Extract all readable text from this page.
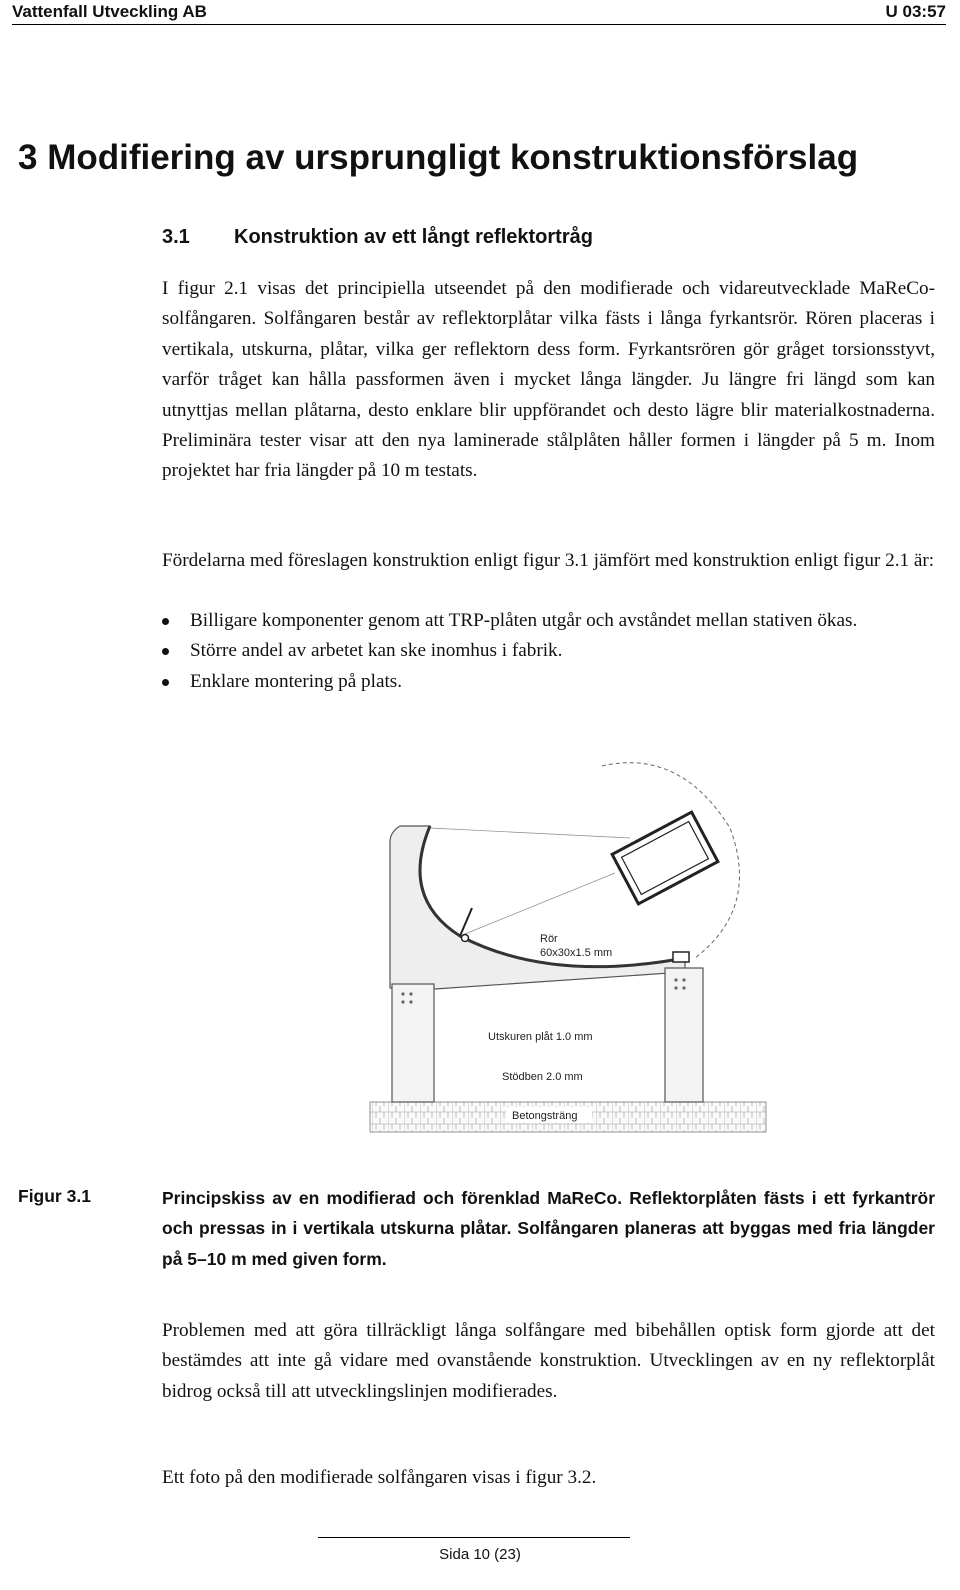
Vattenfall Utveckling AB	U 03:57
3 Modifiering av ursprungligt konstruktionsförslag
3.1 Konstruktion av ett långt reflektortråg
I figur 2.1 visas det principiella utseendet på den modifierade och vidareutvecklade MaReCo-solfångaren. Solfångaren består av reflektorplåtar vilka fästs i långa fyrkantsrör. Rören placeras i vertikala, utskurna, plåtar, vilka ger reflektorn dess form. Fyrkantsrören gör gråget torsionsstyvt, varför tråget kan hålla passformen även i mycket långa längder. Ju längre fri längd som kan utnyttjas mellan plåtarna, desto enklare blir uppförandet och desto lägre blir materialkostnaderna. Preliminära tester visar att den nya laminerade stålplåten håller formen i längder på 5 m. Inom projektet har fria längder på 10 m testats.
Fördelarna med föreslagen konstruktion enligt figur 3.1 jämfört med konstruktion enligt figur 2.1 är:
Billigare komponenter genom att TRP-plåten utgår och avståndet mellan stativen ökas.
Större andel av arbetet kan ske inomhus i fabrik.
Enklare montering på plats.
Rör
60x30x1.5 mm
Utskuren plåt 1.0 mm
Stödben 2.0 mm
Betongsträng
Figur 3.1	Principskiss av en modifierad och förenklad MaReCo. Reflektorplåten fästs i ett fyrkantrör och pressas in i vertikala utskurna plåtar. Solfångaren planeras att byggas med fria längder på 5–10 m med given form.
Problemen med att göra tillräckligt långa solfångare med bibehållen optisk form gjorde att det bestämdes att inte gå vidare med ovanstående konstruktion. Utvecklingen av en ny reflektorplåt bidrog också till att utvecklingslinjen modifierades.
Ett foto på den modifierade solfångaren visas i figur 3.2.
Sida 10 (23)
